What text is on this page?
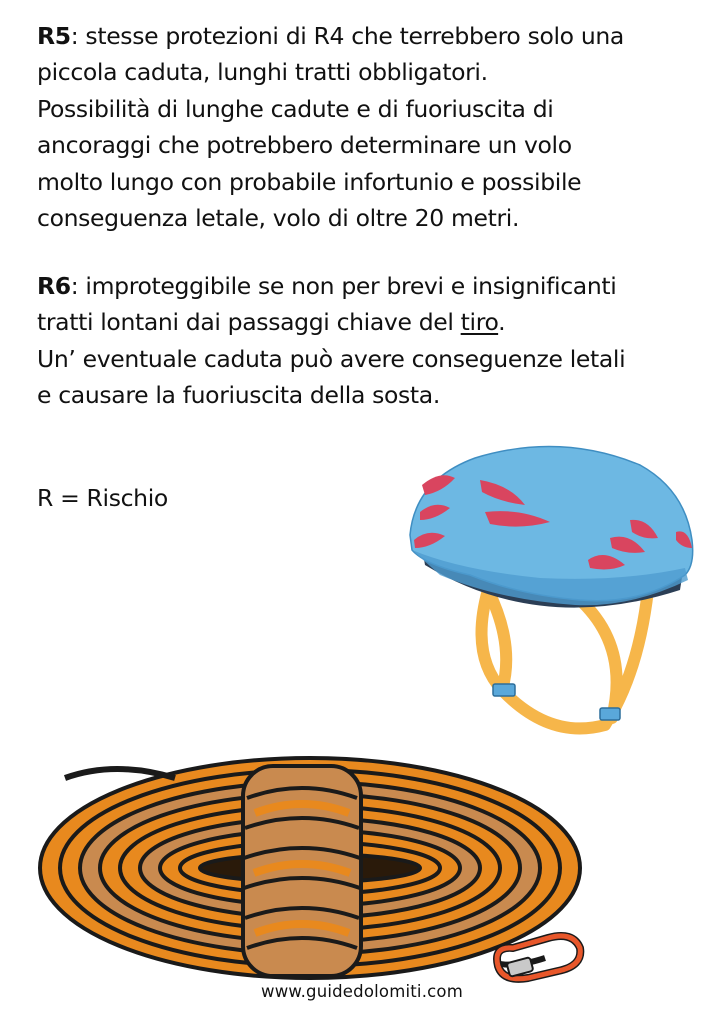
R5: stesse protezioni di R4 che terrebbero solo una
piccola caduta, lunghi tratti obbligatori.
Possibilità di lunghe cadute e di fuoriuscita di
ancoraggi che potrebbero determinare un volo
molto lungo con probabile infortunio e possibile
conseguenza letale, volo di oltre 20 metri.
R6: improteggibile se non per brevi e insignificanti
tratti lontani dai passaggi chiave del tiro.
Un’ eventuale caduta può avere conseguenze letali
e causare la fuoriuscita della sosta.
R = Rischio
www.guidedolomiti.com
